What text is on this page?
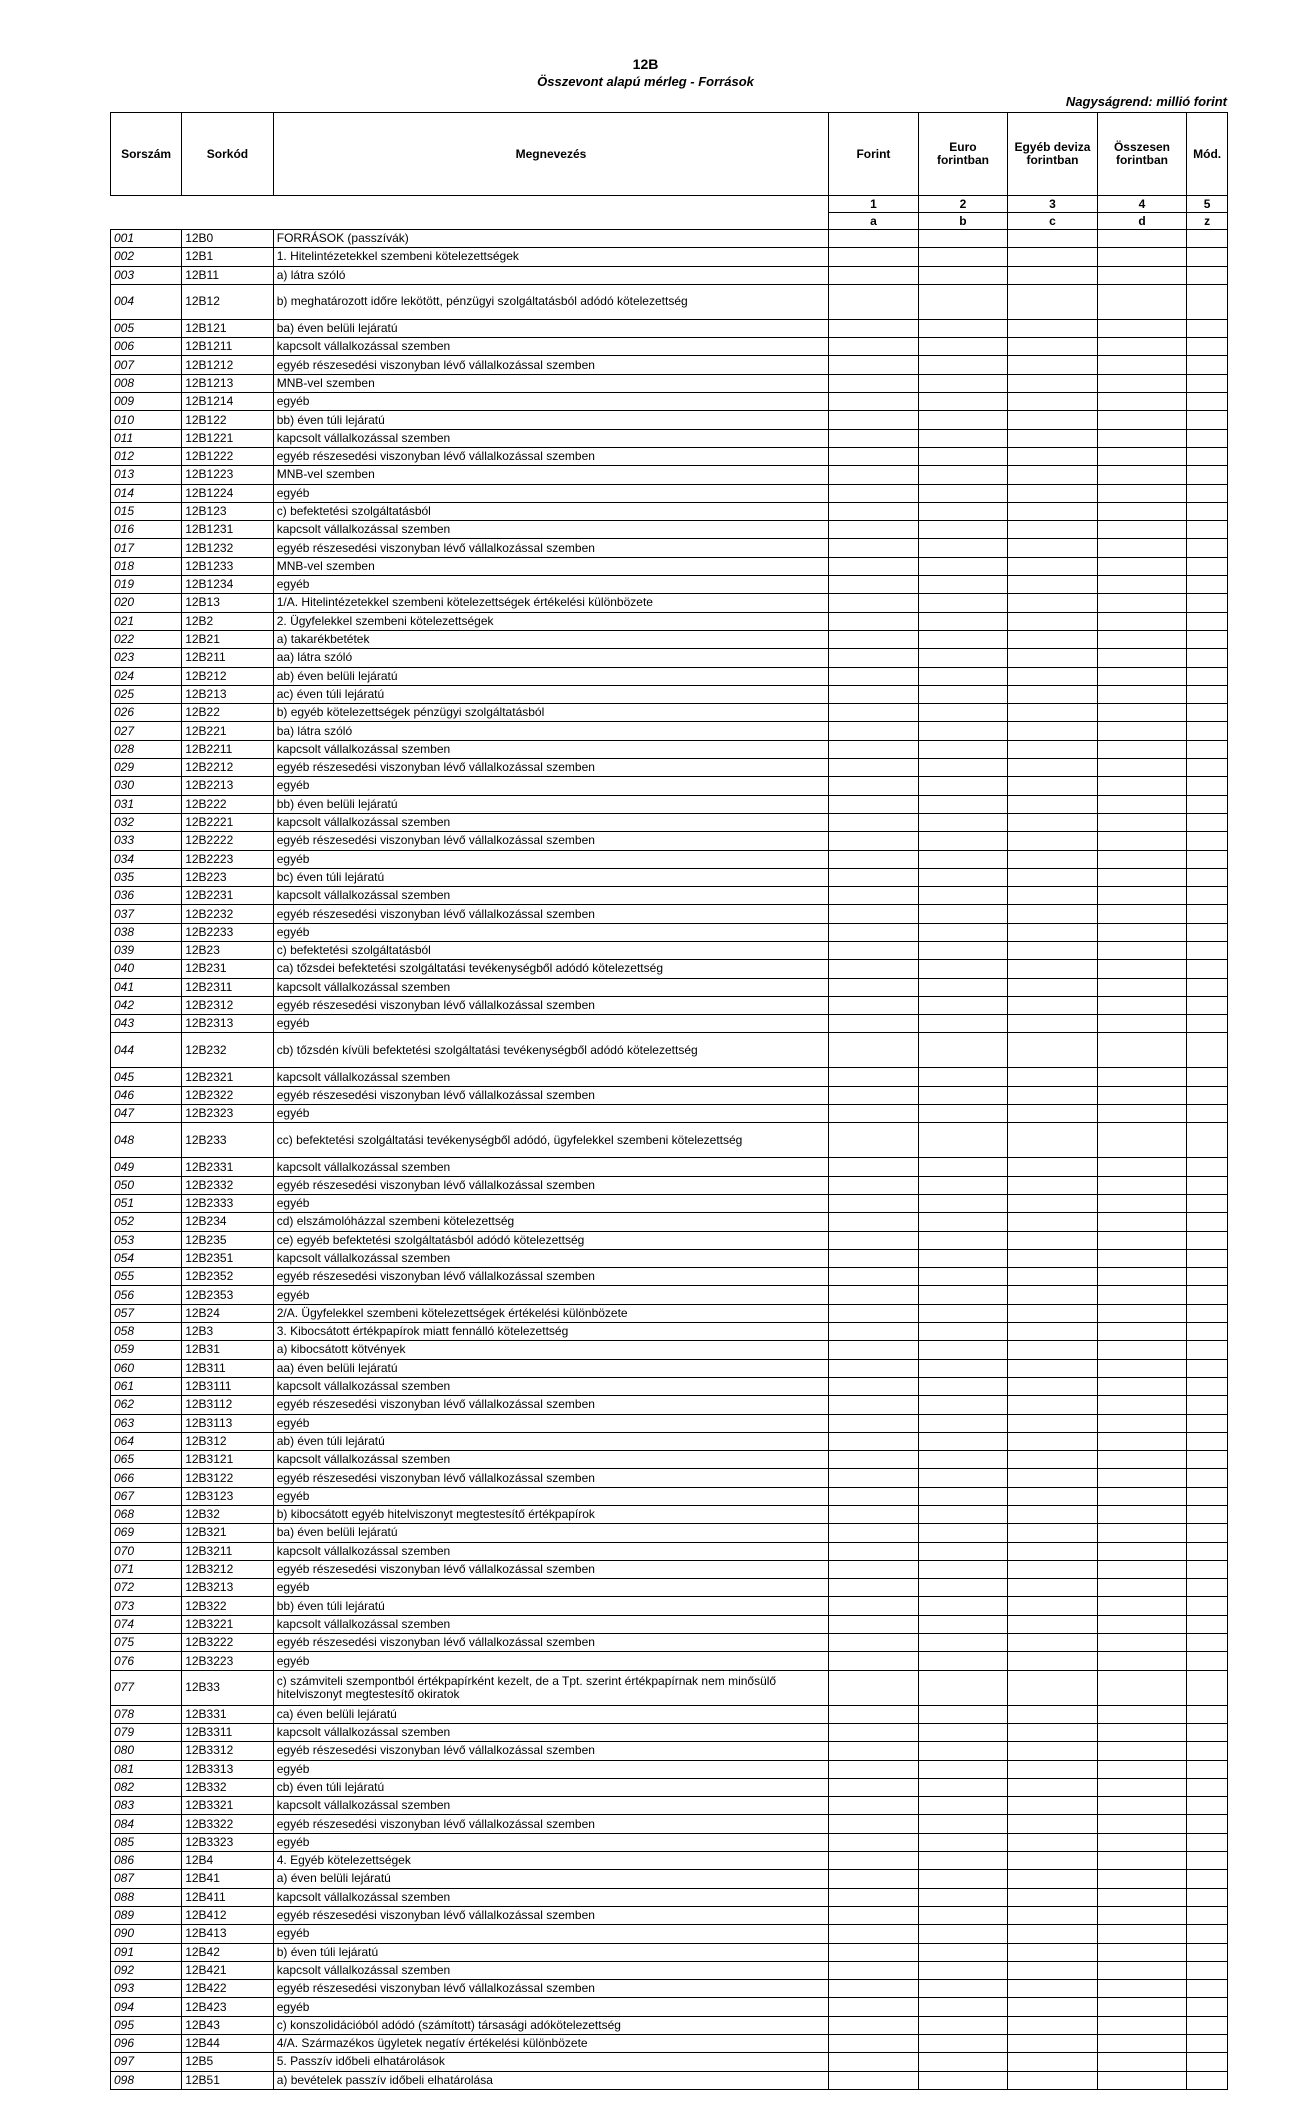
12B
Összevont alapú mérleg - Források
Nagyságrend: millió forint
Sorszám	Sorkód	Megnevezés	Forint	Euro forintban	Egyéb deviza forintban	Összesen forintban	Mód.
			1	2	3	4	5
			a	b	c	d	z
001	12B0	FORRÁSOK (passzívák)					
002	12B1	1. Hitelintézetekkel szembeni kötelezettségek					
003	12B11	a) látra szóló					
004	12B12	b) meghatározott időre lekötött, pénzügyi szolgáltatásból adódó kötelezettség					
005	12B121	ba) éven belüli lejáratú					
006	12B1211	kapcsolt vállalkozással szemben					
007	12B1212	egyéb részesedési viszonyban lévő vállalkozással szemben					
008	12B1213	MNB-vel szemben					
009	12B1214	egyéb					
010	12B122	bb) éven túli lejáratú					
011	12B1221	kapcsolt vállalkozással szemben					
012	12B1222	egyéb részesedési viszonyban lévő vállalkozással szemben					
013	12B1223	MNB-vel szemben					
014	12B1224	egyéb					
015	12B123	c) befektetési szolgáltatásból					
016	12B1231	kapcsolt vállalkozással szemben					
017	12B1232	egyéb részesedési viszonyban lévő vállalkozással szemben					
018	12B1233	MNB-vel szemben					
019	12B1234	egyéb					
020	12B13	1/A. Hitelintézetekkel szembeni kötelezettségek értékelési különbözete					
021	12B2	2. Ügyfelekkel szembeni kötelezettségek					
022	12B21	a) takarékbetétek					
023	12B211	aa) látra szóló					
024	12B212	ab) éven belüli lejáratú					
025	12B213	ac) éven túli lejáratú					
026	12B22	b) egyéb kötelezettségek pénzügyi szolgáltatásból					
027	12B221	ba) látra szóló					
028	12B2211	kapcsolt vállalkozással szemben					
029	12B2212	egyéb részesedési viszonyban lévő vállalkozással szemben					
030	12B2213	egyéb					
031	12B222	bb) éven belüli lejáratú					
032	12B2221	kapcsolt vállalkozással szemben					
033	12B2222	egyéb részesedési viszonyban lévő vállalkozással szemben					
034	12B2223	egyéb					
035	12B223	bc) éven túli lejáratú					
036	12B2231	kapcsolt vállalkozással szemben					
037	12B2232	egyéb részesedési viszonyban lévő vállalkozással szemben					
038	12B2233	egyéb					
039	12B23	c) befektetési szolgáltatásból					
040	12B231	ca) tőzsdei befektetési szolgáltatási tevékenységből adódó kötelezettség					
041	12B2311	kapcsolt vállalkozással szemben					
042	12B2312	egyéb részesedési viszonyban lévő vállalkozással szemben					
043	12B2313	egyéb					
044	12B232	cb) tőzsdén kívüli befektetési szolgáltatási tevékenységből adódó kötelezettség					
045	12B2321	kapcsolt vállalkozással szemben					
046	12B2322	egyéb részesedési viszonyban lévő vállalkozással szemben					
047	12B2323	egyéb					
048	12B233	cc) befektetési szolgáltatási tevékenységből adódó, ügyfelekkel szembeni kötelezettség					
049	12B2331	kapcsolt vállalkozással szemben					
050	12B2332	egyéb részesedési viszonyban lévő vállalkozással szemben					
051	12B2333	egyéb					
052	12B234	cd) elszámolóházzal szembeni kötelezettség					
053	12B235	ce) egyéb befektetési szolgáltatásból adódó kötelezettség					
054	12B2351	kapcsolt vállalkozással szemben					
055	12B2352	egyéb részesedési viszonyban lévő vállalkozással szemben					
056	12B2353	egyéb					
057	12B24	2/A. Ügyfelekkel szembeni kötelezettségek értékelési különbözete					
058	12B3	3. Kibocsátott értékpapírok miatt fennálló kötelezettség					
059	12B31	a) kibocsátott kötvények					
060	12B311	aa) éven belüli lejáratú					
061	12B3111	kapcsolt vállalkozással szemben					
062	12B3112	egyéb részesedési viszonyban lévő vállalkozással szemben					
063	12B3113	egyéb					
064	12B312	ab) éven túli lejáratú					
065	12B3121	kapcsolt vállalkozással szemben					
066	12B3122	egyéb részesedési viszonyban lévő vállalkozással szemben					
067	12B3123	egyéb					
068	12B32	b) kibocsátott egyéb hitelviszonyt megtestesítő értékpapírok					
069	12B321	ba) éven belüli lejáratú					
070	12B3211	kapcsolt vállalkozással szemben					
071	12B3212	egyéb részesedési viszonyban lévő vállalkozással szemben					
072	12B3213	egyéb					
073	12B322	bb) éven túli lejáratú					
074	12B3221	kapcsolt vállalkozással szemben					
075	12B3222	egyéb részesedési viszonyban lévő vállalkozással szemben					
076	12B3223	egyéb					
077	12B33	c) számviteli szempontból értékpapírként kezelt, de a Tpt. szerint értékpapírnak nem minősülő hitelviszonyt megtestesítő okiratok					
078	12B331	ca) éven belüli lejáratú					
079	12B3311	kapcsolt vállalkozással szemben					
080	12B3312	egyéb részesedési viszonyban lévő vállalkozással szemben					
081	12B3313	egyéb					
082	12B332	cb) éven túli lejáratú					
083	12B3321	kapcsolt vállalkozással szemben					
084	12B3322	egyéb részesedési viszonyban lévő vállalkozással szemben					
085	12B3323	egyéb					
086	12B4	4. Egyéb kötelezettségek					
087	12B41	a) éven belüli lejáratú					
088	12B411	kapcsolt vállalkozással szemben					
089	12B412	egyéb részesedési viszonyban lévő vállalkozással szemben					
090	12B413	egyéb					
091	12B42	b) éven túli lejáratú					
092	12B421	kapcsolt vállalkozással szemben					
093	12B422	egyéb részesedési viszonyban lévő vállalkozással szemben					
094	12B423	egyéb					
095	12B43	c) konszolidációból adódó (számított) társasági adókötelezettség					
096	12B44	4/A. Származékos ügyletek negatív értékelési különbözete					
097	12B5	5. Passzív időbeli elhatárolások					
098	12B51	a) bevételek passzív időbeli elhatárolása					
